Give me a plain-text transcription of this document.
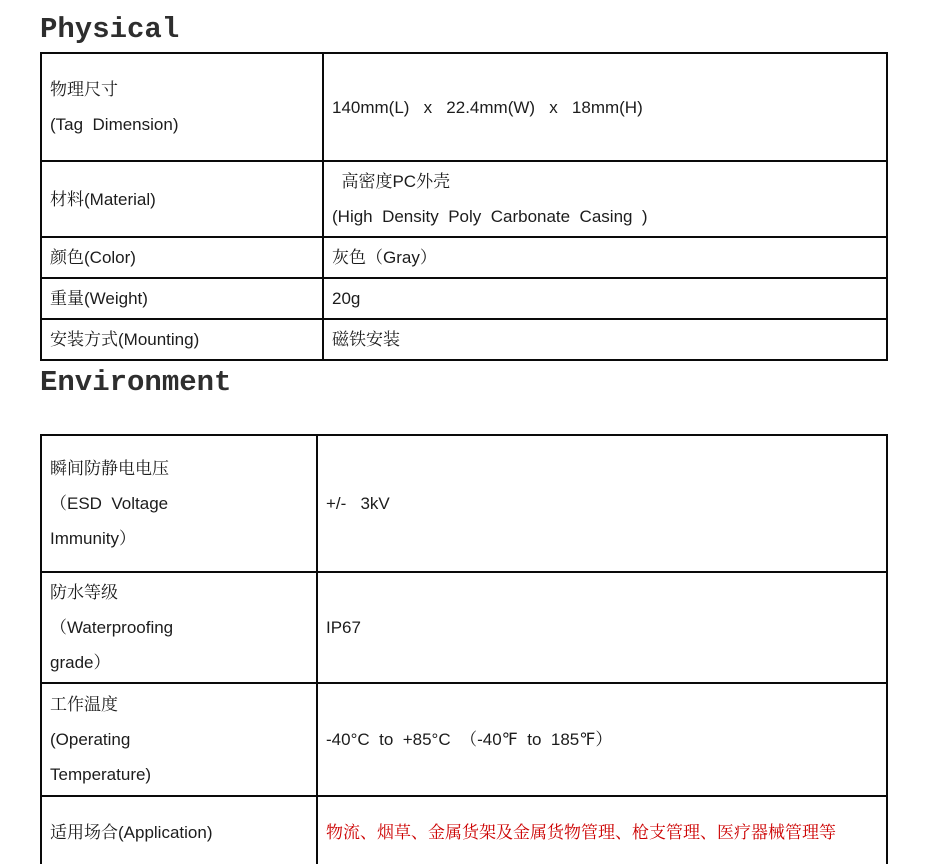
Physical
物理尺寸
(Tag  Dimension)	140mm(L)   x   22.4mm(W)   x   18mm(H)

材料(Material)	高密度PC外壳
(High  Density  Poly  Carbonate  Casing  )

颜色(Color)	灰色（Gray）

重量(Weight)	20g

安装方式(Mounting)	磁铁安装
Environment
瞬间防静电电压
（ESD  Voltage
Immunity）	+/-   3kV

防水等级
（Waterproofing
grade）	IP67

工作温度
(Operating
Temperature)	-40°C  to  +85°C  （-40℉  to  185℉）

适用场合(Application)	物流、烟草、金属货架及金属货物管理、枪支管理、医疗器械管理等
